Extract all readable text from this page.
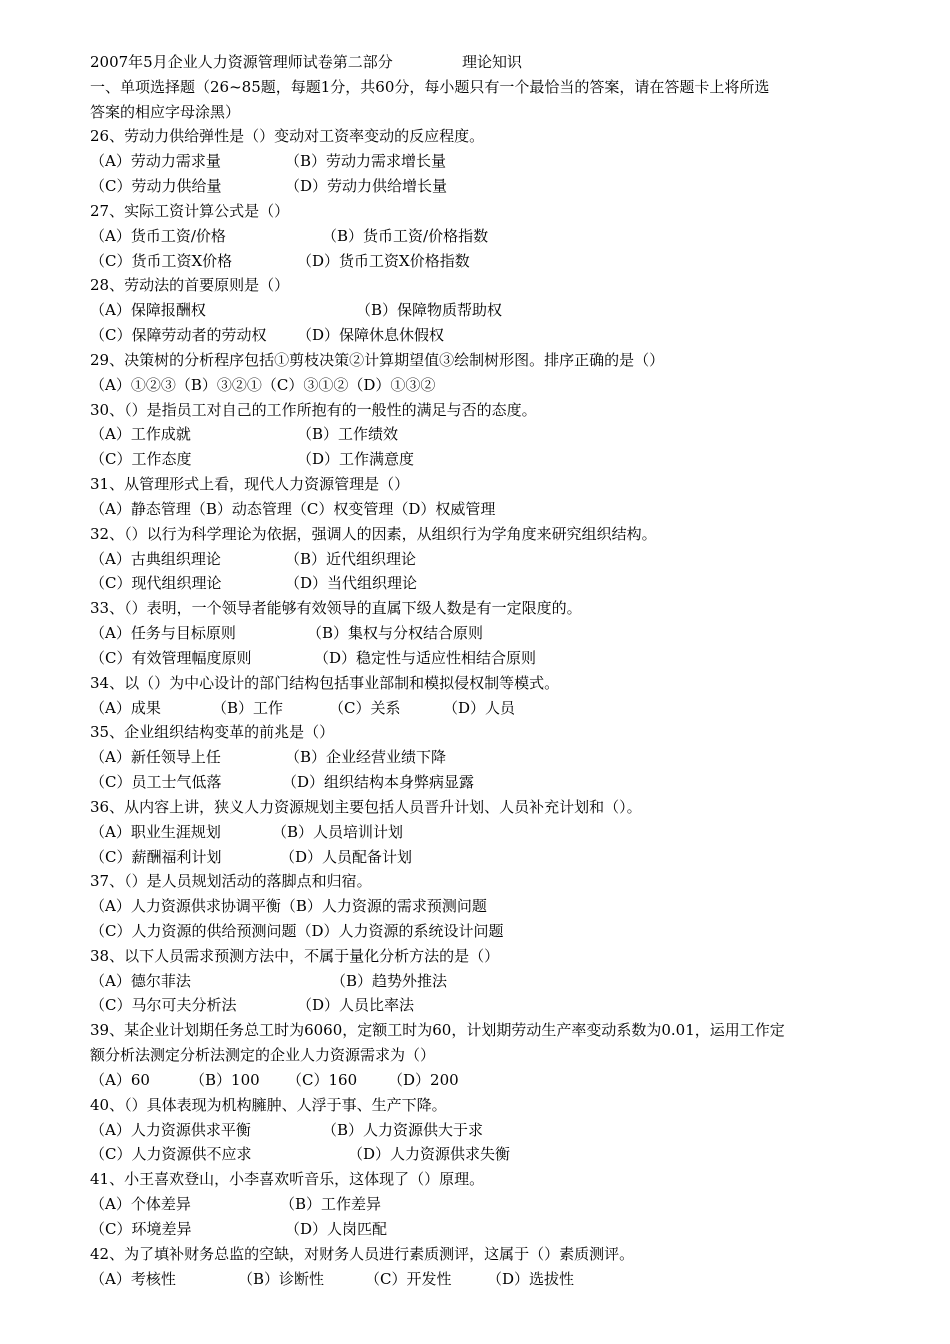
2007年5月企业人力资源管理师试卷第二部分	理论知识
一、单项选择题（26~85题，每题1分，共60分，每小题只有一个最恰当的答案，请在答题卡上将所选
答案的相应字母涂黑）
26、劳动力供给弹性是（）变动对工资率变动的反应程度。
（A）劳动力需求量	（B）劳动力需求增长量
（C）劳动力供给量	（D）劳动力供给增长量
27、实际工资计算公式是（）
（A）货币工资/价格	（B）货币工资/价格指数
（C）货币工资X价格	（D）货币工资X价格指数
28、劳动法的首要原则是（）
（A）保障报酬权	（B）保障物质帮助权
（C）保障劳动者的劳动权 （D）保障休息休假权
29、决策树的分析程序包括①剪枝决策②计算期望值③绘制树形图。排序正确的是（）
（A）①②③（B）③②①（C）③①②（D）①③②
30、（）是指员工对自己的工作所抱有的一般性的满足与否的态度。
（A）工作成就	（B）工作绩效
（C）工作态度	（D）工作满意度
31、从管理形式上看，现代人力资源管理是（）
（A）静态管理（B）动态管理（C）权变管理（D）权威管理
32、（）以行为科学理论为依据，强调人的因素，从组织行为学角度来研究组织结构。
（A）古典组织理论	（B）近代组织理论
（C）现代组织理论	（D）当代组织理论
33、（）表明，一个领导者能够有效领导的直属下级人数是有一定限度的。
（A）任务与目标原则	（B）集权与分权结合原则
（C）有效管理幅度原则	（D）稳定性与适应性相结合原则
34、以（）为中心设计的部门结构包括事业部制和模拟侵权制等模式。
（A）成果	（B）工作	（C）关系	（D）人员
35、企业组织结构变革的前兆是（）
（A）新任领导上任	（B）企业经营业绩下降
（C）员工士气低落	（D）组织结构本身弊病显露
36、从内容上讲，狭义人力资源规划主要包括人员晋升计划、人员补充计划和（）。
（A）职业生涯规划	（B）人员培训计划
（C）薪酬福利计划	（D）人员配备计划
37、（）是人员规划活动的落脚点和归宿。
（A）人力资源供求协调平衡（B）人力资源的需求预测问题
（C）人力资源的供给预测问题（D）人力资源的系统设计问题
38、以下人员需求预测方法中，不属于量化分析方法的是（）
（A）德尔菲法	（B）趋势外推法
（C）马尔可夫分析法	（D）人员比率法
39、某企业计划期任务总工时为6060，定额工时为60，计划期劳动生产率变动系数为0.01，运用工作定
额分析法测定分析法测定的企业人力资源需求为（）
（A）60	（B）100 （C）160 （D）200
40、（）具体表现为机构臃肿、人浮于事、生产下降。
（A）人力资源供求平衡	（B）人力资源供大于求
（C）人力资源供不应求	（D）人力资源供求失衡
41、小王喜欢登山，小李喜欢听音乐，这体现了（）原理。
（A）个体差异	（B）工作差异
（C）环境差异	（D）人岗匹配
42、为了填补财务总监的空缺，对财务人员进行素质测评，这属于（）素质测评。
（A）考核性	（B）诊断性	（C）开发性 （D）选拔性
